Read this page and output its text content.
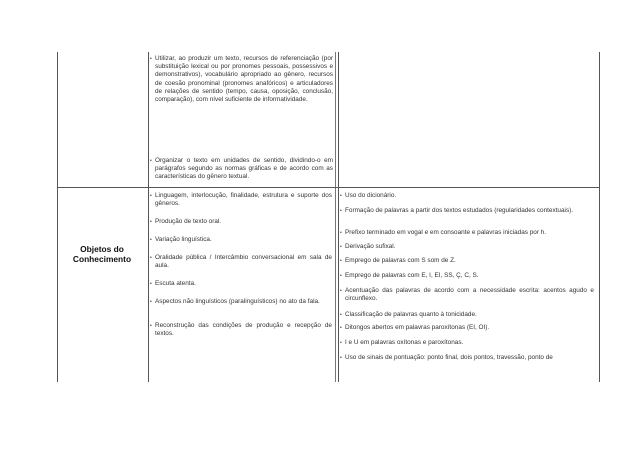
• Utilizar, ao produzir um texto, recursos de referenciação (por substituição lexical ou por pronomes pessoais, possessivos e demonstrativos), vocabulário apropriado ao gênero, recursos de coesão pronominal (pronomes anafóricos) e articuladores de relações de sentido (tempo, causa, oposição, conclusão, comparação), com nível suficiente de informatividade.
• Organizar o texto em unidades de sentido, dividindo-o em parágrafos segundo as normas gráficas e de acordo com as características do gênero textual.
Objetos do Conhecimento
• Linguagem, interlocução, finalidade, estrutura e suporte dos gêneros.
• Produção de texto oral.
• Variação linguística.
• Oralidade pública / Intercâmbio conversacional em sala de aula.
• Escuta atenta.
• Aspectos não linguísticos (paralinguísticos) no ato da fala.
• Reconstrução das condições de produção e recepção de textos.
• Uso do dicionário.
• Formação de palavras a partir dos textos estudados (regularidades contextuais).
• Prefixo terminado em vogal e em consoante e palavras iniciadas por h.
• Derivação sufixal.
• Emprego de palavras com S som de Z.
• Emprego de palavras com E, I, EI, SS, Ç, C, S.
• Acentuação das palavras de acordo com a necessidade escrita: acentos agudo e circunflexo.
• Classificação de palavras quanto à tonicidade.
• Ditongos abertos em palavras paroxítonas (EI, OI).
• I e U em palavras oxítonas e paroxítonas.
• Uso de sinais de pontuação: ponto final, dois pontos, travessão, ponto de
